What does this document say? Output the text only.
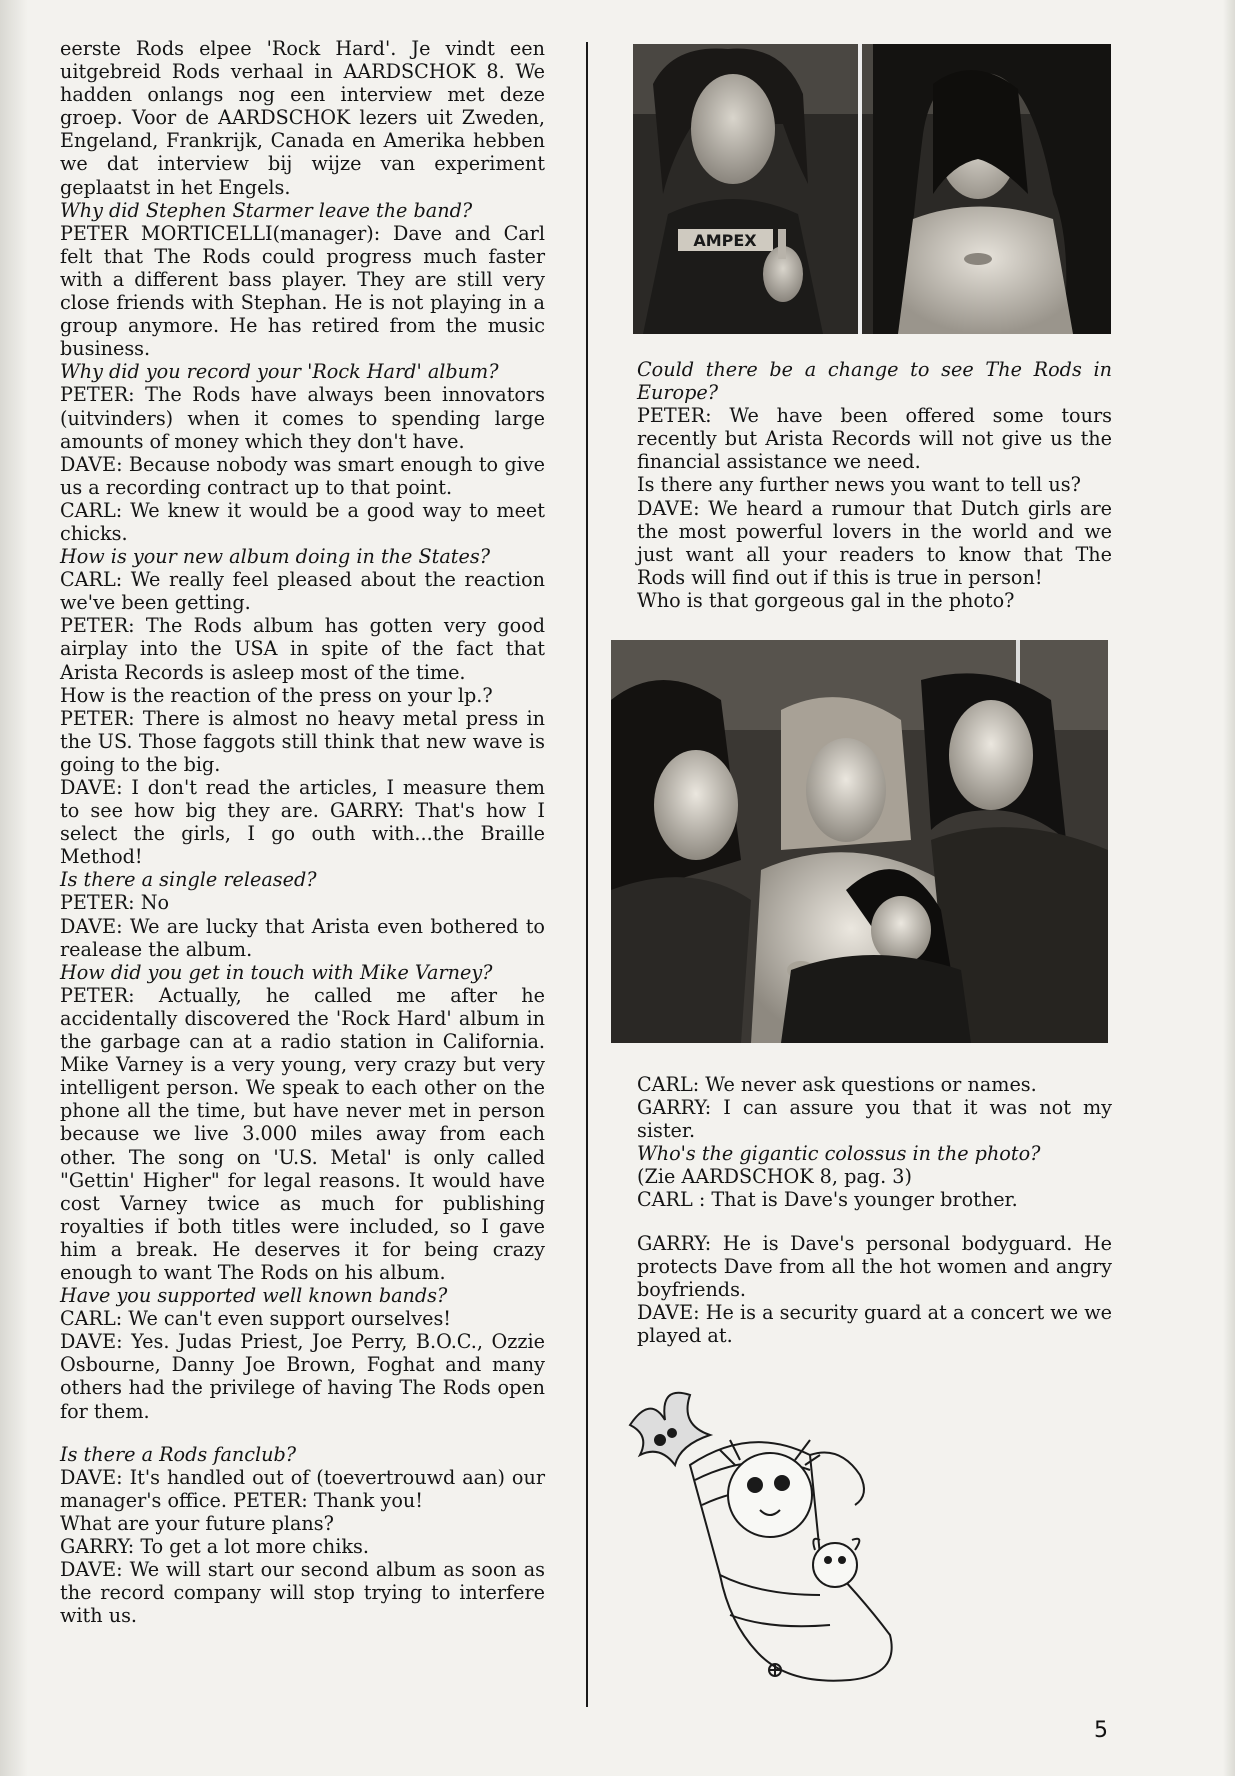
eerste Rods elpee 'Rock Hard'. Je vindt een uitgebreid Rods verhaal in AARDSCHOK 8. We hadden onlangs nog een interview met deze groep. Voor de AARDSCHOK lezers uit Zweden, Engeland, Frankrijk, Canada en Amerika hebben we dat interview bij wijze van experiment geplaatst in het Engels.

Why did Stephen Starmer leave the band?

PETER MORTICELLI(manager): Dave and Carl felt that The Rods could progress much faster with a different bass player. They are still very close friends with Stephan. He is not playing in a group anymore. He has retired from the music business.

Why did you record your 'Rock Hard' album?

PETER: The Rods have always been innovators (uitvinders) when it comes to spending large amounts of money which they don't have.

DAVE: Because nobody was smart enough to give us a recording contract up to that point.

CARL: We knew it would be a good way to meet chicks.

How is your new album doing in the States?

CARL: We really feel pleased about the reaction we've been getting.

PETER: The Rods album has gotten very good airplay into the USA in spite of the fact that Arista Records is asleep most of the time.

How is the reaction of the press on your lp.?

PETER: There is almost no heavy metal press in the US. Those faggots still think that new wave is going to the big.

DAVE: I don't read the articles, I measure them to see how big they are. GARRY: That's how I select the girls, I go outh with...the Braille Method!

Is there a single released?

PETER: No

DAVE: We are lucky that Arista even bothered to realease the album.

How did you get in touch with Mike Varney?

PETER: Actually, he called me after he accidentally discovered the 'Rock Hard' album in the garbage can at a radio station in California. Mike Varney is a very young, very crazy but very intelligent person. We speak to each other on the phone all the time, but have never met in person because we live 3.000 miles away from each other. The song on 'U.S. Metal' is only called "Gettin' Higher" for legal reasons. It would have cost Varney twice as much for publishing royalties if both titles were included, so I gave him a break. He deserves it for being crazy enough to want The Rods on his album.

Have you supported well known bands?

CARL: We can't even support ourselves!

DAVE: Yes. Judas Priest, Joe Perry, B.O.C., Ozzie Osbourne, Danny Joe Brown, Foghat and many others had the privilege of having The Rods open for them.

Is there a Rods fanclub?

DAVE: It's handled out of (toevertrouwd aan) our manager's office. PETER: Thank you!

What are your future plans?

GARRY: To get a lot more chiks.

DAVE: We will start our second album as soon as the record company will stop trying to interfere with us.

AMPEX

Could there be a change to see The Rods in Europe?

PETER: We have been offered some tours recently but Arista Records will not give us the financial assistance we need.

Is there any further news you want to tell us?

DAVE: We heard a rumour that Dutch girls are the most powerful lovers in the world and we just want all your readers to know that The Rods will find out if this is true in person!

Who is that gorgeous gal in the photo?

CARL: We never ask questions or names.

GARRY: I can assure you that it was not my sister.

Who's the gigantic colossus in the photo?

(Zie AARDSCHOK 8, pag. 3)

CARL : That is Dave's younger brother.

GARRY: He is Dave's personal bodyguard. He protects Dave from all the hot women and angry boyfriends.

DAVE: He is a security guard at a concert we we played at.

5
